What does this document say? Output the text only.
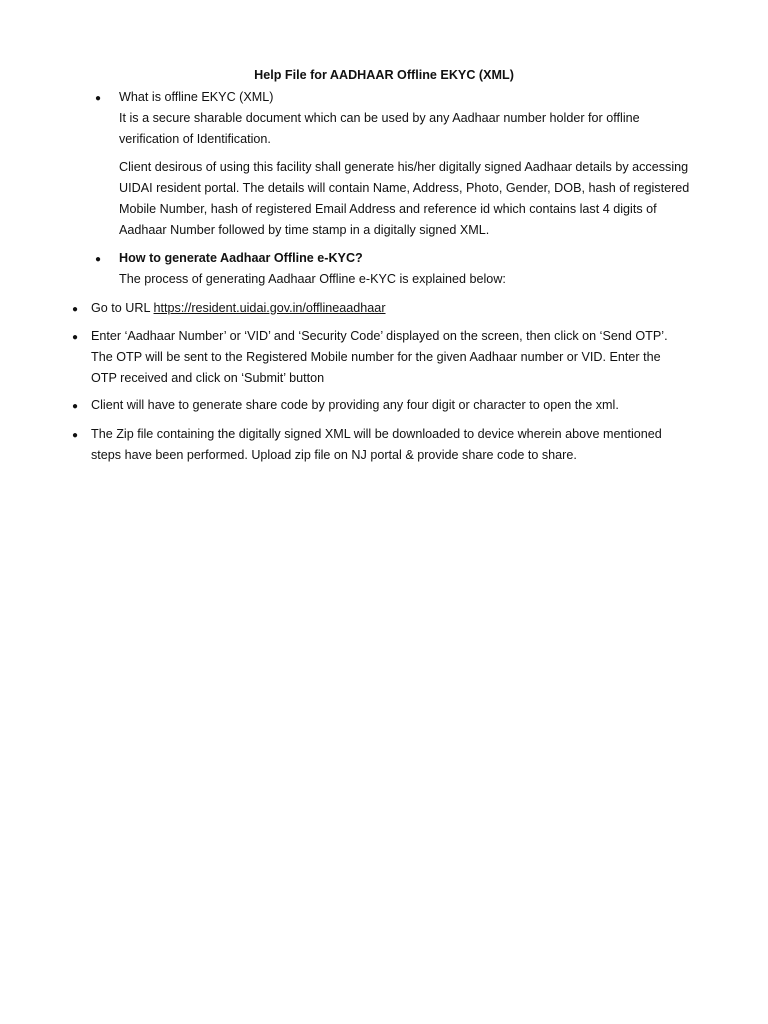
Help File for AADHAAR Offline EKYC (XML)
● What is offline EKYC (XML)
It is a secure sharable document which can be used by any Aadhaar number holder for offline verification of Identification.
Client desirous of using this facility shall generate his/her digitally signed Aadhaar details by accessing UIDAI resident portal. The details will contain Name, Address, Photo, Gender, DOB, hash of registered Mobile Number, hash of registered Email Address and reference id which contains last 4 digits of Aadhaar Number followed by time stamp in a digitally signed XML.
● How to generate Aadhaar Offline e-KYC?
The process of generating Aadhaar Offline e-KYC is explained below:
● Go to URL https://resident.uidai.gov.in/offlineaadhaar
● Enter ‘Aadhaar Number’ or ‘VID’ and ‘Security Code’ displayed on the screen, then click on ‘Send OTP’. The OTP will be sent to the Registered Mobile number for the given Aadhaar number or VID. Enter the OTP received and click on ‘Submit’ button
● Client will have to generate share code by providing any four digit or character to open the xml.
● The Zip file containing the digitally signed XML will be downloaded to device wherein above mentioned steps have been performed. Upload zip file on NJ portal & provide share code to share.
